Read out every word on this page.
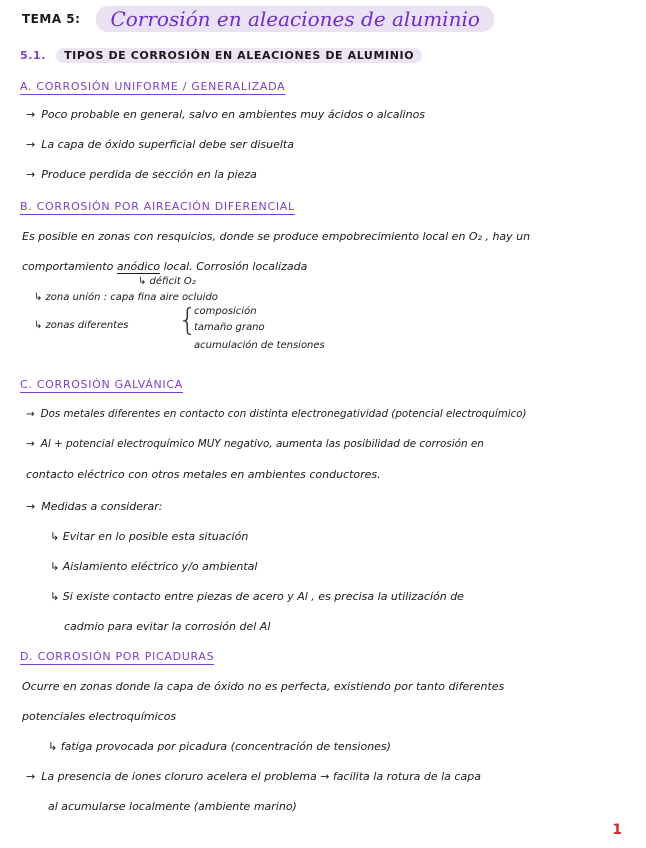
TEMA 5:	Corrosión en aleaciones de aluminio
5.1.	TIPOS DE CORROSIÓN EN ALEACIONES DE ALUMINIO
A. CORROSIÓN UNIFORME / GENERALIZADA
→ Poco probable en general, salvo en ambientes muy ácidos o alcalinos
→ La capa de óxido superficial debe ser disuelta
→ Produce perdida de sección en la pieza
B. CORROSIÓN POR AIREACIÓN DIFERENCIAL
Es posible en zonas con resquicios, donde se produce empobrecimiento local en O₂ , hay un
comportamiento anódico local. Corrosión localizada
↳ déficit O₂
↳ zona unión : capa fina aire ocluido
↳ zonas diferentes {
composición
tamaño grano
acumulación de tensiones
C. CORROSIÓN GALVÁNICA
→ Dos metales diferentes en contacto con distinta electronegatividad (potencial electroquímico)
→ Al + potencial electroquímico MUY negativo, aumenta las posibilidad de corrosión en
contacto eléctrico con otros metales en ambientes conductores.
→ Medidas a considerar:
↳ Evitar en lo posible esta situación
↳ Aislamiento eléctrico y/o ambiental
↳ Si existe contacto entre piezas de acero y Al , es precisa la utilización de
cadmio para evitar la corrosión del Al
D. CORROSIÓN POR PICADURAS
Ocurre en zonas donde la capa de óxido no es perfecta, existiendo por tanto diferentes
potenciales electroquímicos
↳ fatiga provocada por picadura (concentración de tensiones)
→ La presencia de iones cloruro acelera el problema → facilita la rotura de la capa
al acumularse localmente (ambiente marino)
1
